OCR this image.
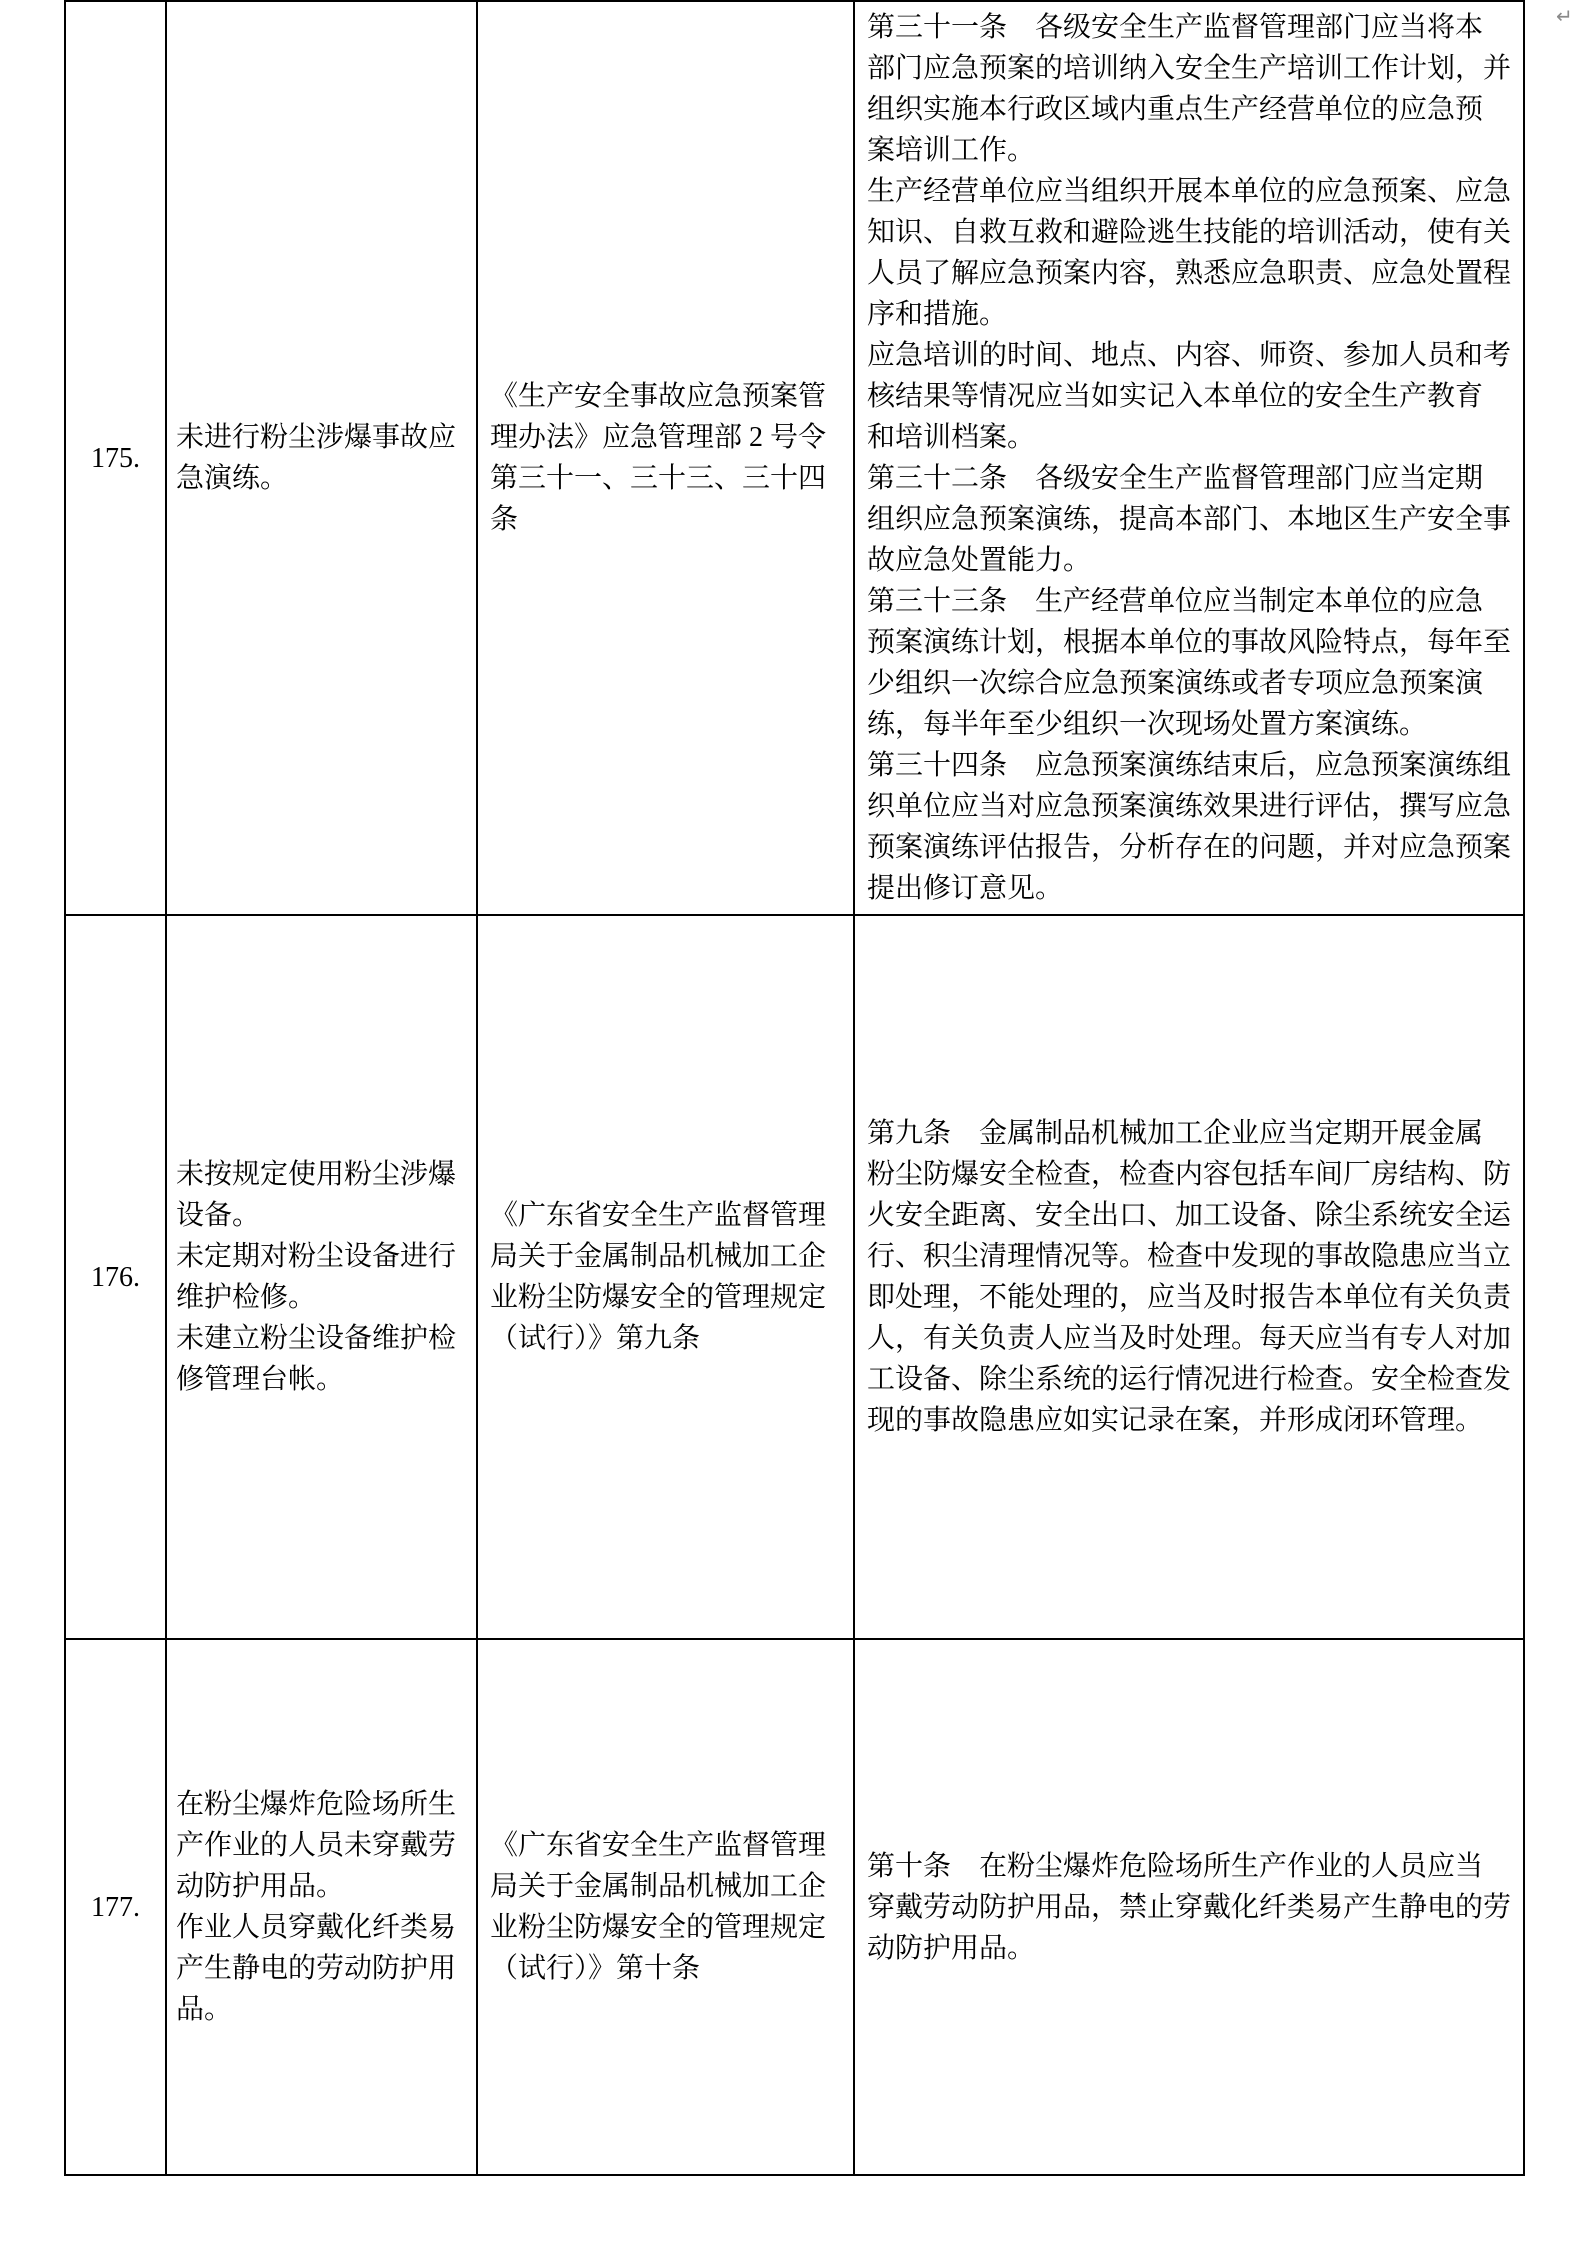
↵
175.
未进行粉尘涉爆事故应
急演练。
《生产安全事故应急预案管
理办法》应急管理部 2 号令
第三十一、三十三、三十四
条
第三十一条　各级安全生产监督管理部门应当将本
部门应急预案的培训纳入安全生产培训工作计划，并
组织实施本行政区域内重点生产经营单位的应急预
案培训工作。
生产经营单位应当组织开展本单位的应急预案、应急
知识、自救互救和避险逃生技能的培训活动，使有关
人员了解应急预案内容，熟悉应急职责、应急处置程
序和措施。
应急培训的时间、地点、内容、师资、参加人员和考
核结果等情况应当如实记入本单位的安全生产教育
和培训档案。
第三十二条　各级安全生产监督管理部门应当定期
组织应急预案演练，提高本部门、本地区生产安全事
故应急处置能力。
第三十三条　生产经营单位应当制定本单位的应急
预案演练计划，根据本单位的事故风险特点，每年至
少组织一次综合应急预案演练或者专项应急预案演
练，每半年至少组织一次现场处置方案演练。
第三十四条　应急预案演练结束后，应急预案演练组
织单位应当对应急预案演练效果进行评估，撰写应急
预案演练评估报告，分析存在的问题，并对应急预案
提出修订意见。
176.
未按规定使用粉尘涉爆
设备。
未定期对粉尘设备进行
维护检修。
未建立粉尘设备维护检
修管理台帐。
《广东省安全生产监督管理
局关于金属制品机械加工企
业粉尘防爆安全的管理规定
（试行）》第九条
第九条　金属制品机械加工企业应当定期开展金属
粉尘防爆安全检查，检查内容包括车间厂房结构、防
火安全距离、安全出口、加工设备、除尘系统安全运
行、积尘清理情况等。检查中发现的事故隐患应当立
即处理，不能处理的，应当及时报告本单位有关负责
人，有关负责人应当及时处理。每天应当有专人对加
工设备、除尘系统的运行情况进行检查。安全检查发
现的事故隐患应如实记录在案，并形成闭环管理。
177.
在粉尘爆炸危险场所生
产作业的人员未穿戴劳
动防护用品。
作业人员穿戴化纤类易
产生静电的劳动防护用
品。
《广东省安全生产监督管理
局关于金属制品机械加工企
业粉尘防爆安全的管理规定
（试行）》第十条
第十条　在粉尘爆炸危险场所生产作业的人员应当
穿戴劳动防护用品，禁止穿戴化纤类易产生静电的劳
动防护用品。
